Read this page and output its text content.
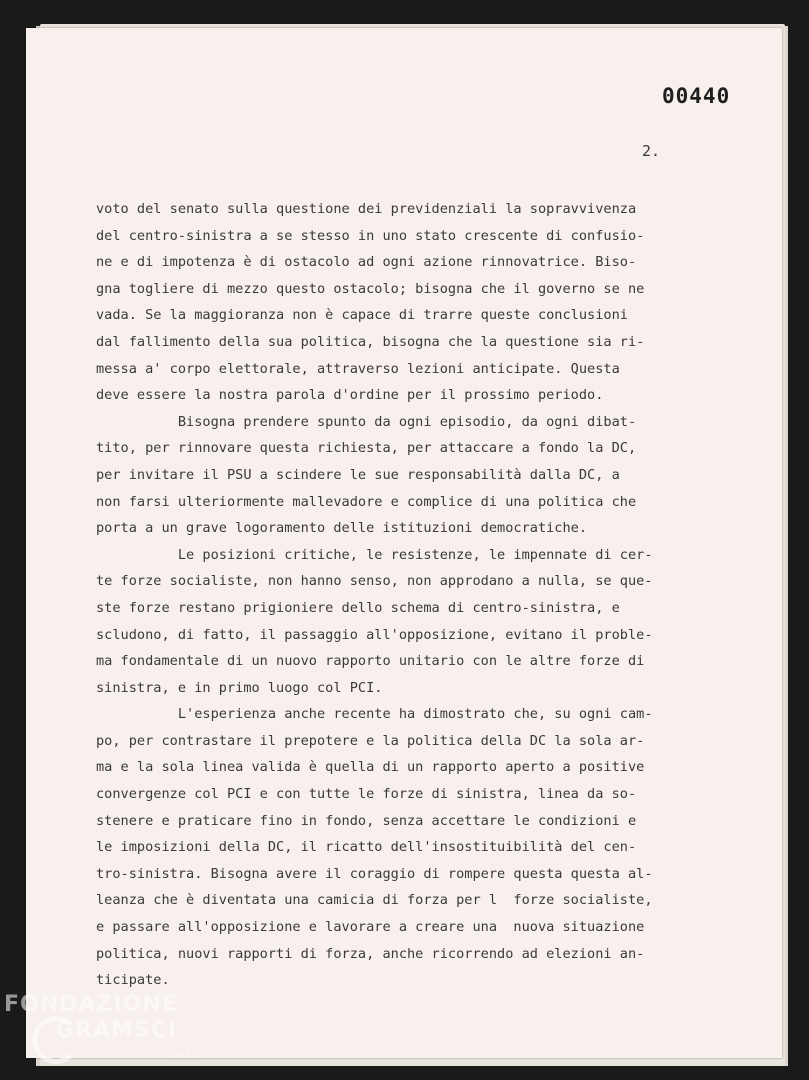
00440
2.
voto del senato sulla questione dei previdenziali la sopravvivenza
del centro-sinistra a se stesso in uno stato crescente di confusio-
ne e di impotenza è di ostacolo ad ogni azione rinnovatrice. Biso-
gna togliere di mezzo questo ostacolo; bisogna che il governo se ne
vada. Se la maggioranza non è capace di trarre queste conclusioni
dal fallimento della sua politica, bisogna che la questione sia ri-
messa a' corpo elettorale, attraverso lezioni anticipate. Questa
deve essere la nostra parola d'ordine per il prossimo periodo.
Bisogna prendere spunto da ogni episodio, da ogni dibat-
tito, per rinnovare questa richiesta, per attaccare a fondo la DC,
per invitare il PSU a scindere le sue responsabilità dalla DC, a
non farsi ulteriormente mallevadore e complice di una politica che
porta a un grave logoramento delle istituzioni democratiche.
Le posizioni critiche, le resistenze, le impennate di cer-
te forze socialiste, non hanno senso, non approdano a nulla, se que-
ste forze restano prigioniere dello schema di centro-sinistra, e
scludono, di fatto, il passaggio all'opposizione, evitano il proble-
ma fondamentale di un nuovo rapporto unitario con le altre forze di
sinistra, e in primo luogo col PCI.
L'esperienza anche recente ha dimostrato che, su ogni cam-
po, per contrastare il prepotere e la politica della DC la sola ar-
ma e la sola linea valida è quella di un rapporto aperto a positive
convergenze col PCI e con tutte le forze di sinistra, linea da so-
stenere e praticare fino in fondo, senza accettare le condizioni e
le imposizioni della DC, il ricatto dell'insostituibilità del cen-
tro-sinistra. Bisogna avere il coraggio di rompere questa questa al-
leanza che è diventata una camicia di forza per l  forze socialiste,
e passare all'opposizione e lavorare a creare una  nuova situazione
politica, nuovi rapporti di forza, anche ricorrendo ad elezioni an-
ticipate.
FONDAZIONE
GRAMSCI
ONLUS
